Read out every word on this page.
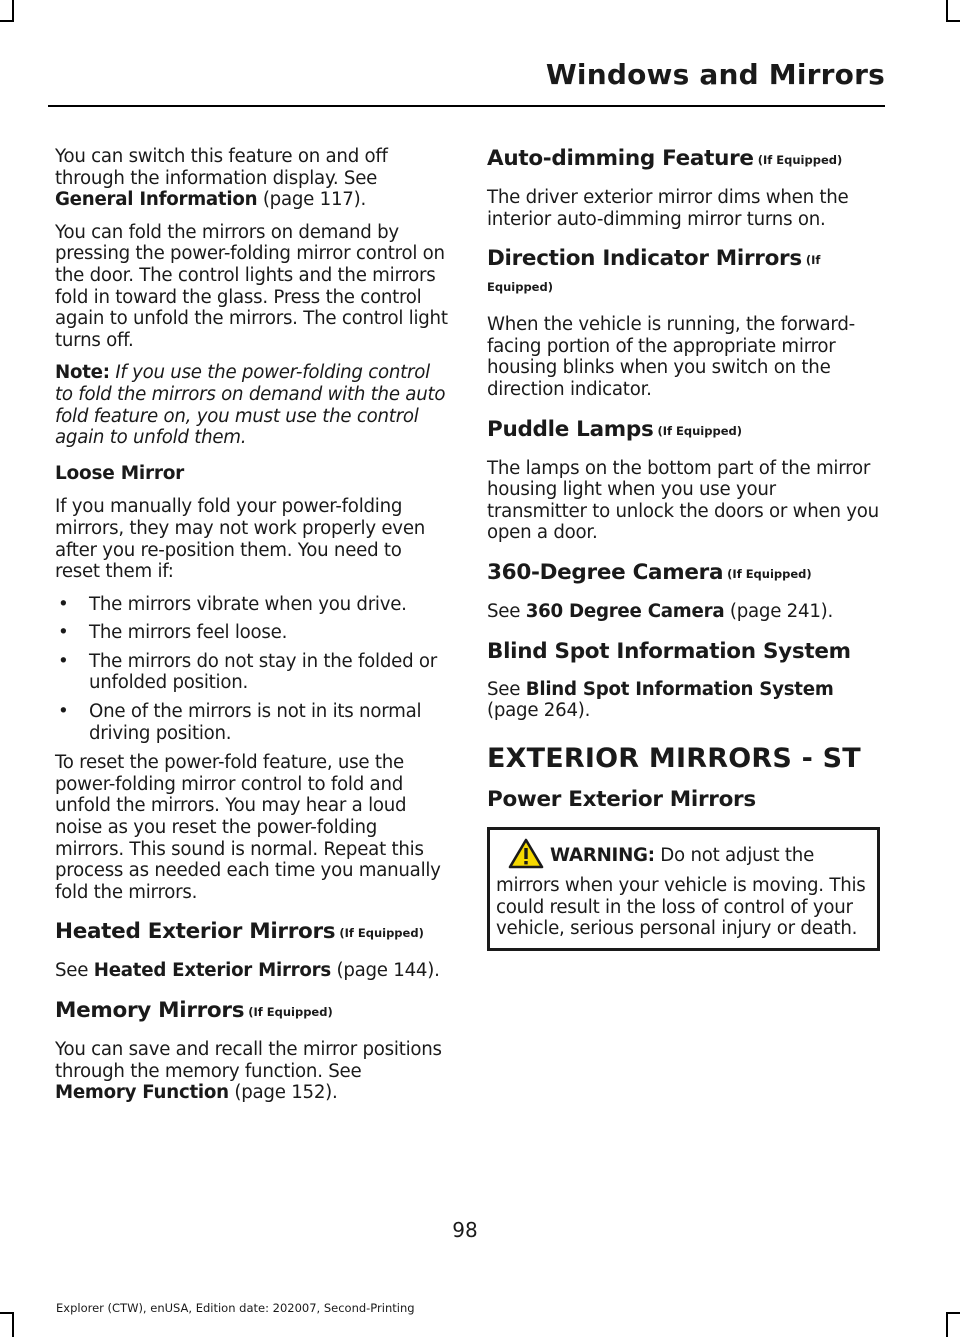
Windows and Mirrors

You can switch this feature on and off through the information display. See General Information (page 117).

You can fold the mirrors on demand by pressing the power-folding mirror control on the door. The control lights and the mirrors fold in toward the glass. Press the control again to unfold the mirrors. The control light turns off.

Note: If you use the power-folding control to fold the mirrors on demand with the auto fold feature on, you must use the control again to unfold them.

Loose Mirror

If you manually fold your power-folding mirrors, they may not work properly even after you re-position them. You need to reset them if:

• The mirrors vibrate when you drive.
• The mirrors feel loose.
• The mirrors do not stay in the folded or unfolded position.
• One of the mirrors is not in its normal driving position.

To reset the power-fold feature, use the power-folding mirror control to fold and unfold the mirrors. You may hear a loud noise as you reset the power-folding mirrors. This sound is normal. Repeat this process as needed each time you manually fold the mirrors.

Heated Exterior Mirrors (If Equipped)

See Heated Exterior Mirrors (page 144).

Memory Mirrors (If Equipped)

You can save and recall the mirror positions through the memory function. See Memory Function (page 152).

Auto-dimming Feature (If Equipped)

The driver exterior mirror dims when the interior auto-dimming mirror turns on.

Direction Indicator Mirrors (If Equipped)

When the vehicle is running, the forward-facing portion of the appropriate mirror housing blinks when you switch on the direction indicator.

Puddle Lamps (If Equipped)

The lamps on the bottom part of the mirror housing light when you use your transmitter to unlock the doors or when you open a door.

360-Degree Camera (If Equipped)

See 360 Degree Camera (page 241).

Blind Spot Information System

See Blind Spot Information System (page 264).

EXTERIOR MIRRORS - ST
Power Exterior Mirrors
WARNING: Do not adjust the mirrors when your vehicle is moving. This could result in the loss of control of your vehicle, serious personal injury or death.
98
Explorer (CTW), enUSA, Edition date: 202007, Second-Printing
